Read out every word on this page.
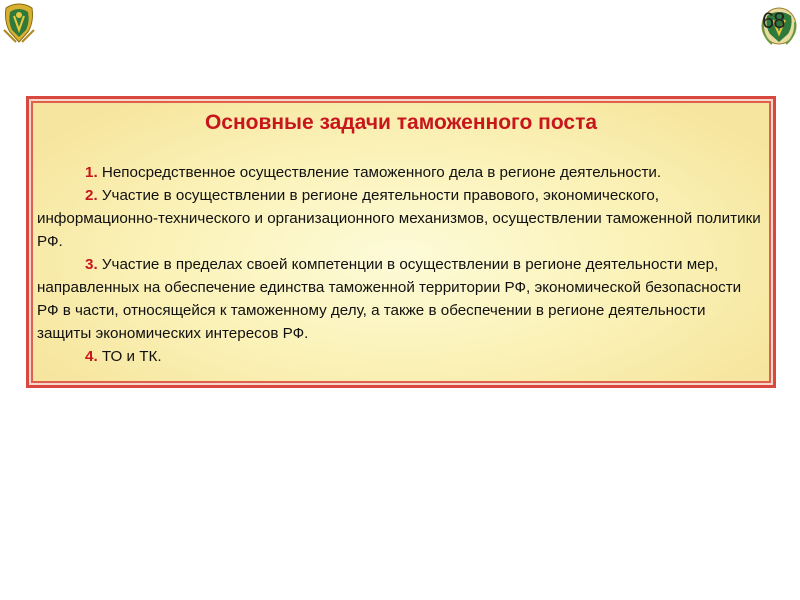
68
Основные задачи таможенного поста

1. Непосредственное осуществление таможенного дела в регионе деятельности.

2. Участие в осуществлении в регионе деятельности правового, экономического, информационно-технического и организационного механизмов, осуществлении таможенной политики РФ.

3. Участие в пределах своей компетенции в осуществлении в регионе деятельности мер, направленных на обеспечение единства таможенной территории РФ, экономической безопасности РФ в части, относящейся к таможенному делу, а также в обеспечении в регионе деятельности защиты экономических интересов РФ.

4. ТО и ТК.
